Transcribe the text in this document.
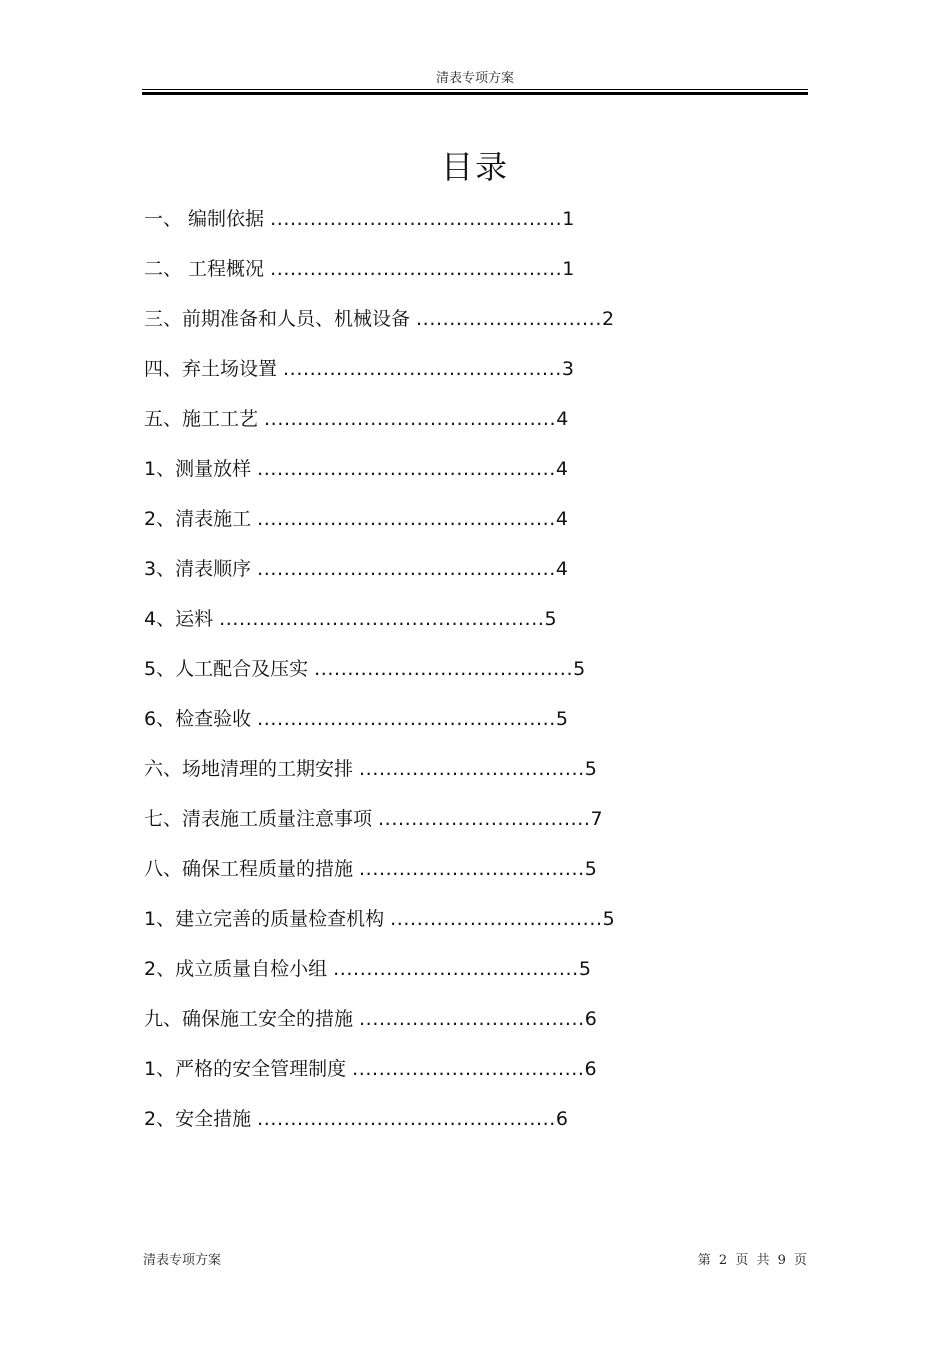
清表专项方案
目录
一、 编制依据 ............................................1
二、 工程概况 ............................................1
三、前期准备和人员、机械设备 ............................2
四、弃土场设置 ..........................................3
五、施工工艺 ............................................4
1、测量放样 .............................................4
2、清表施工 .............................................4
3、清表顺序 .............................................4
4、运料 .................................................5
5、人工配合及压实 .......................................5
6、检查验收 .............................................5
六、场地清理的工期安排 ..................................5
七、清表施工质量注意事项 ................................7
八、确保工程质量的措施 ..................................5
1、建立完善的质量检查机构 ................................5
2、成立质量自检小组 .....................................5
九、确保施工安全的措施 ..................................6
1、严格的安全管理制度 ...................................6
2、安全措施 .............................................6
清表专项方案	第 2 页 共 9 页
